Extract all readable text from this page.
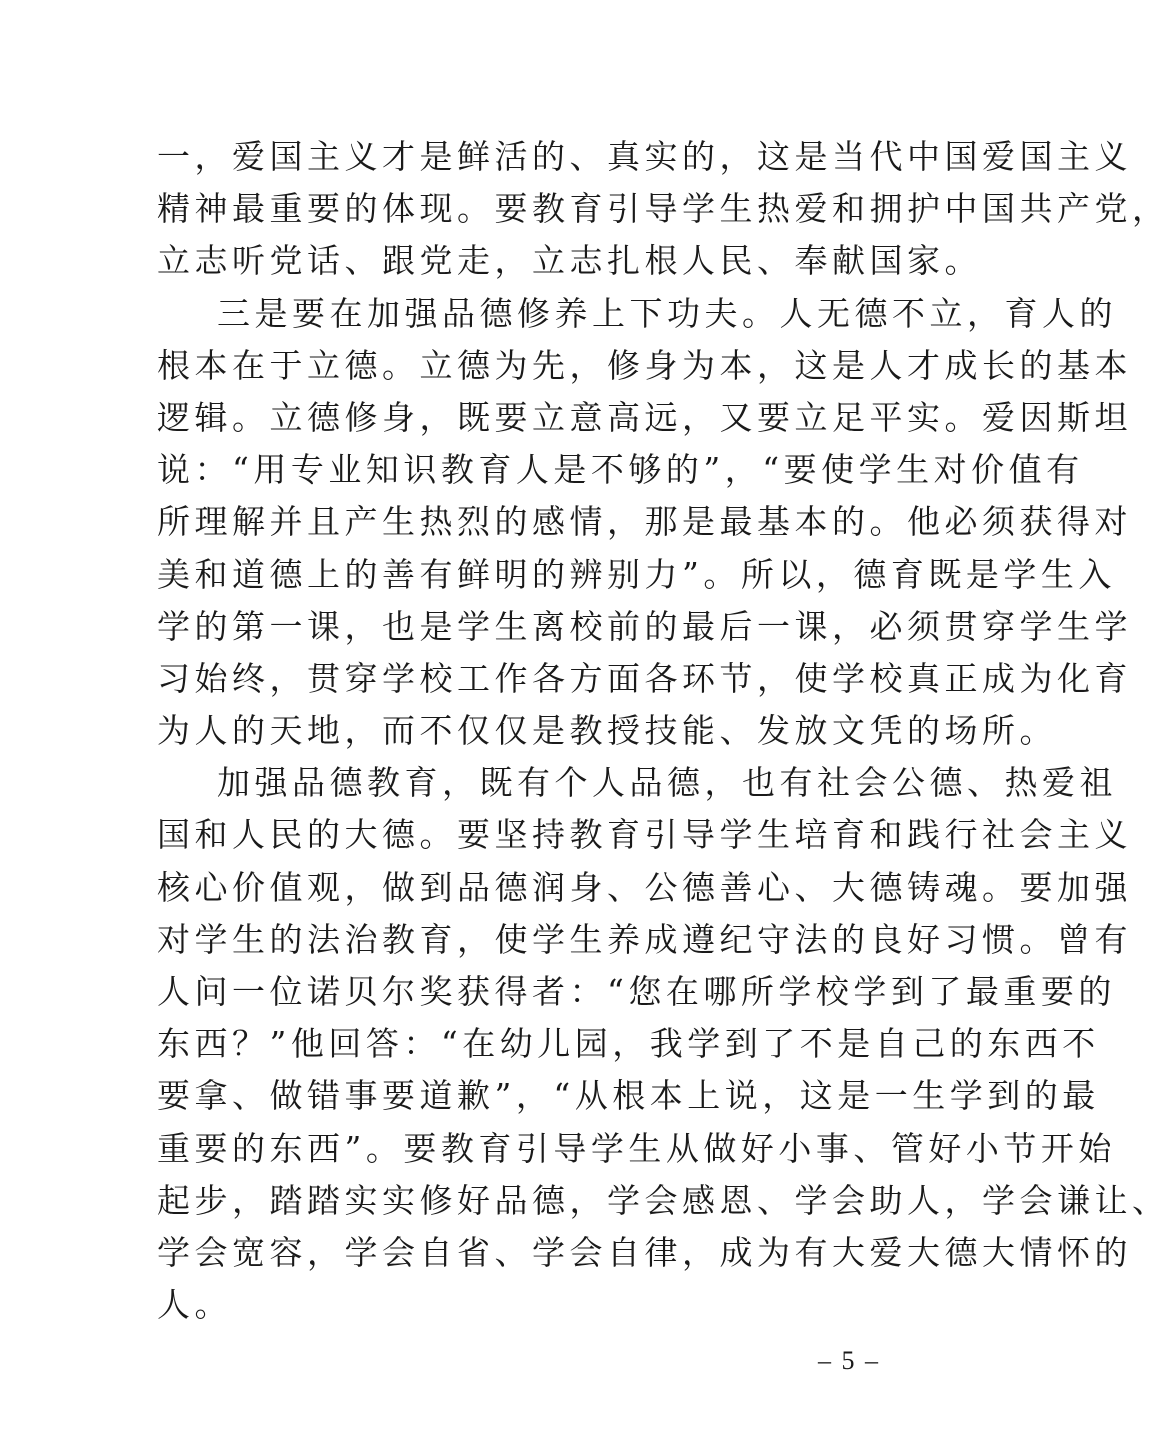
一，爱国主义才是鲜活的、真实的，这是当代中国爱国主义
精神最重要的体现。要教育引导学生热爱和拥护中国共产党，
立志听党话、跟党走，立志扎根人民、奉献国家。
三是要在加强品德修养上下功夫。人无德不立，育人的
根本在于立德。立德为先，修身为本，这是人才成长的基本
逻辑。立德修身，既要立意高远，又要立足平实。爱因斯坦
说：“用专业知识教育人是不够的”，“要使学生对价值有
所理解并且产生热烈的感情，那是最基本的。他必须获得对
美和道德上的善有鲜明的辨别力”。所以，德育既是学生入
学的第一课，也是学生离校前的最后一课，必须贯穿学生学
习始终，贯穿学校工作各方面各环节，使学校真正成为化育
为人的天地，而不仅仅是教授技能、发放文凭的场所。
加强品德教育，既有个人品德，也有社会公德、热爱祖
国和人民的大德。要坚持教育引导学生培育和践行社会主义
核心价值观，做到品德润身、公德善心、大德铸魂。要加强
对学生的法治教育，使学生养成遵纪守法的良好习惯。曾有
人问一位诺贝尔奖获得者：“您在哪所学校学到了最重要的
东西？”他回答：“在幼儿园，我学到了不是自己的东西不
要拿、做错事要道歉”，“从根本上说，这是一生学到的最
重要的东西”。要教育引导学生从做好小事、管好小节开始
起步，踏踏实实修好品德，学会感恩、学会助人，学会谦让、
学会宽容，学会自省、学会自律，成为有大爱大德大情怀的
人。
– 5 –
